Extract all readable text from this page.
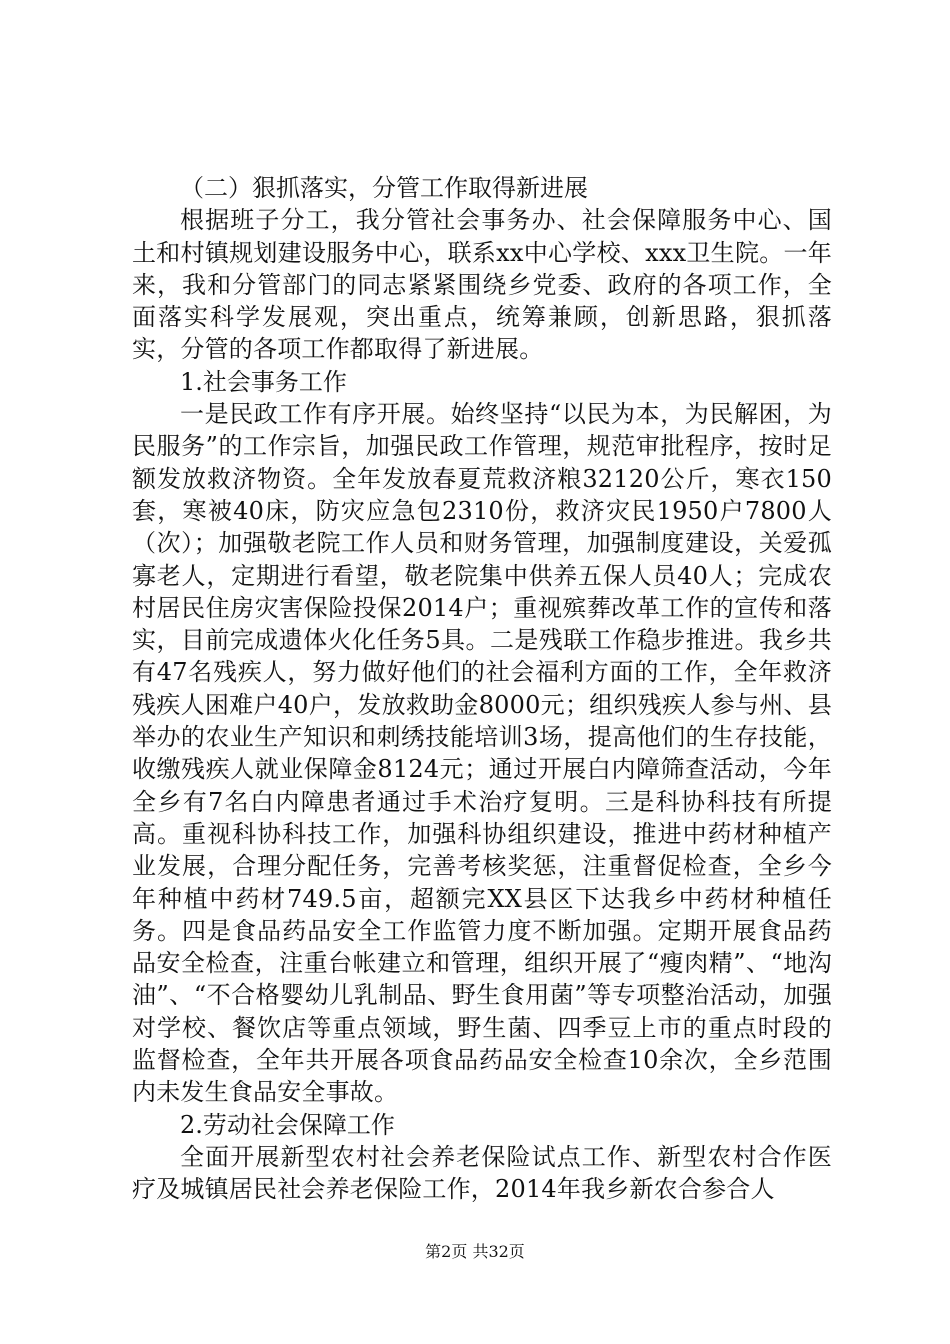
（二）狠抓落实，分管工作取得新进展

根据班子分工，我分管社会事务办、社会保障服务中心、国土和村镇规划建设服务中心，联系xx中心学校、xxx卫生院。一年来，我和分管部门的同志紧紧围绕乡党委、政府的各项工作，全面落实科学发展观，突出重点，统筹兼顾，创新思路，狠抓落实，分管的各项工作都取得了新进展。

1.社会事务工作

一是民政工作有序开展。始终坚持“以民为本，为民解困，为民服务”的工作宗旨，加强民政工作管理，规范审批程序，按时足额发放救济物资。全年发放春夏荒救济粮32120公斤，寒衣150套，寒被40床，防灾应急包2310份，救济灾民1950户7800人（次）；加强敬老院工作人员和财务管理，加强制度建设，关爱孤寡老人，定期进行看望，敬老院集中供养五保人员40人；完成农村居民住房灾害保险投保2014户；重视殡葬改革工作的宣传和落实，目前完成遗体火化任务5具。二是残联工作稳步推进。我乡共有47名残疾人，努力做好他们的社会福利方面的工作，全年救济残疾人困难户40户，发放救助金8000元；组织残疾人参与州、县举办的农业生产知识和刺绣技能培训3场，提高他们的生存技能，收缴残疾人就业保障金8124元；通过开展白内障筛查活动，今年全乡有7名白内障患者通过手术治疗复明。三是科协科技有所提高。重视科协科技工作，加强科协组织建设，推进中药材种植产业发展，合理分配任务，完善考核奖惩，注重督促检查，全乡今年种植中药材749.5亩，超额完XX县区下达我乡中药材种植任务。四是食品药品安全工作监管力度不断加强。定期开展食品药品安全检查，注重台帐建立和管理，组织开展了“瘦肉精”、“地沟油”、“不合格婴幼儿乳制品、野生食用菌”等专项整治活动，加强对学校、餐饮店等重点领域，野生菌、四季豆上市的重点时段的监督检查，全年共开展各项食品药品安全检查10余次，全乡范围内未发生食品安全事故。

2.劳动社会保障工作

全面开展新型农村社会养老保险试点工作、新型农村合作医疗及城镇居民社会养老保险工作，2014年我乡新农合参合人

第2页 共32页
